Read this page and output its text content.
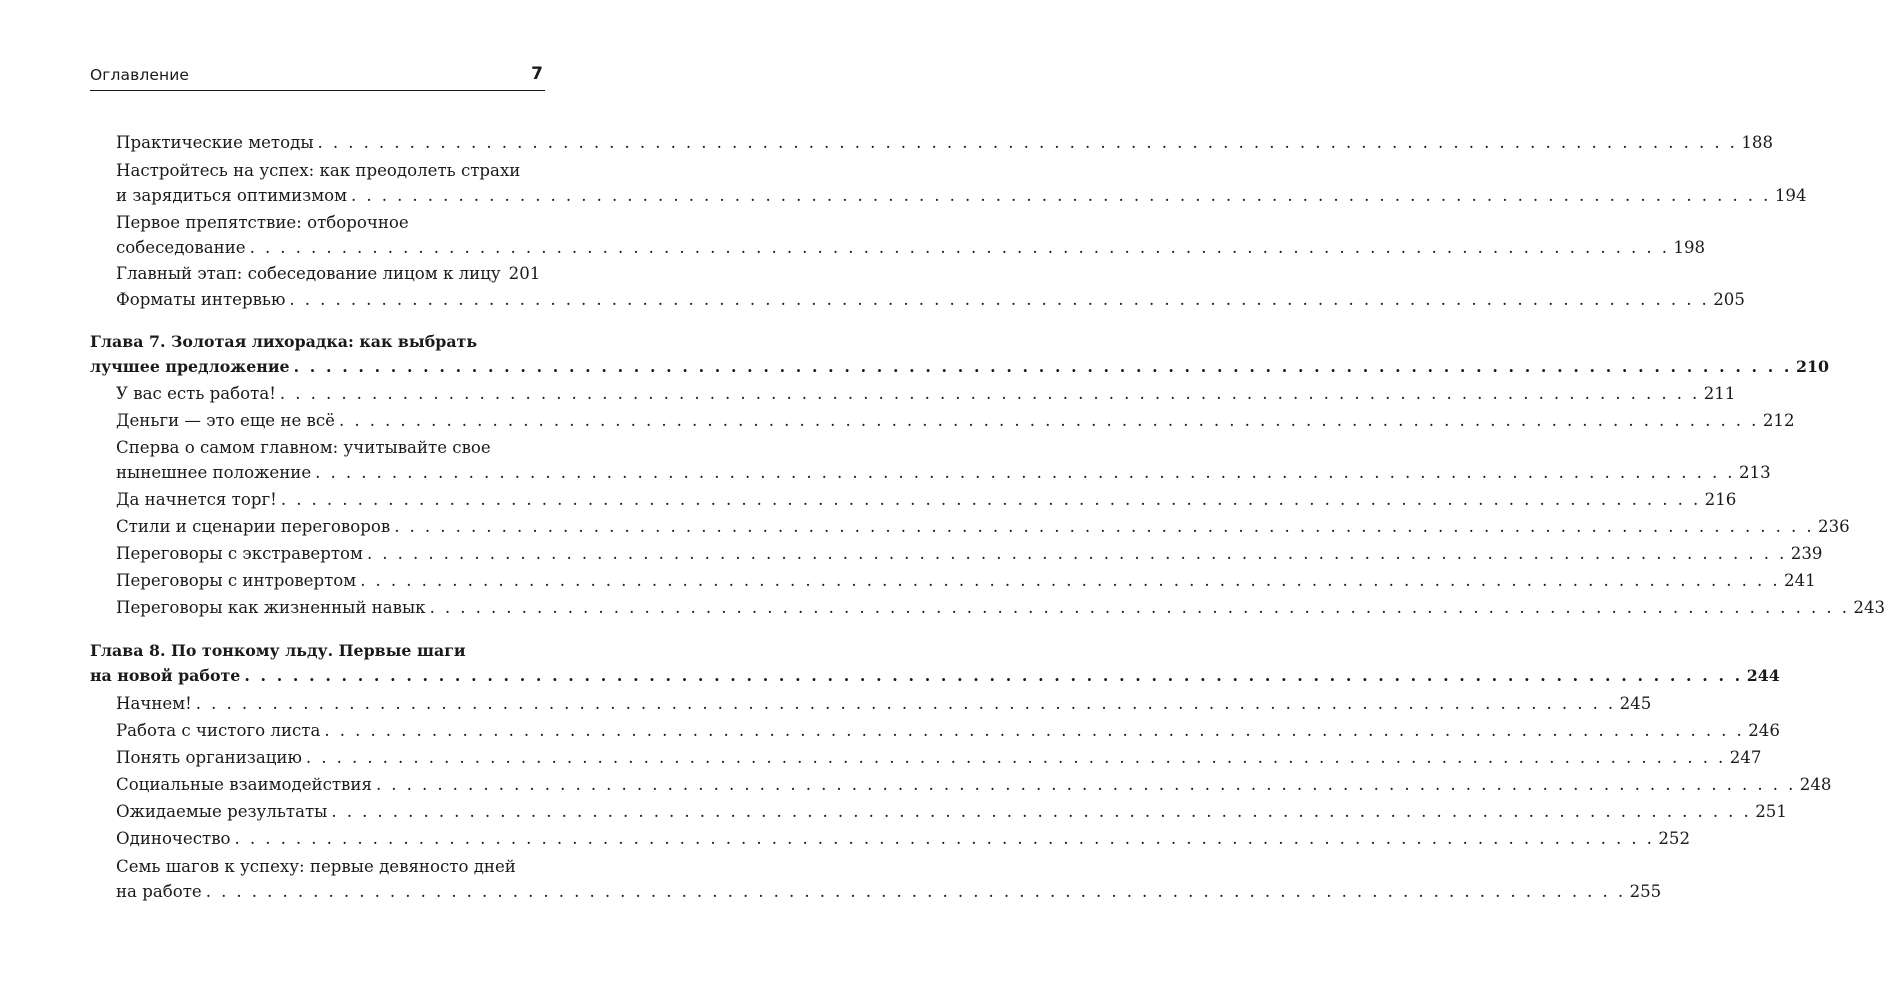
Оглавление	7
Практические методы . . . . . . . . . . . . . . . . . . . . . . . . . . . . . . . . . . . . . . . . . . . . . . . . . . . . . . . . . . . . . . . . . . . . . . . . . . . . . . . . . . . . . . . . . . . . . 188
Настройтесь на успех: как преодолеть страхи
и зарядиться оптимизмом . . . . . . . . . . . . . . . . . . . . . . . . . . . . . . . . . . . . . . . . . . . . . . . . . . . . . . . . . . . . . . . . . . . . . . . . . . . . . . . . . . . . . . . . . . . . . 194
Первое препятствие: отборочное
собеседование . . . . . . . . . . . . . . . . . . . . . . . . . . . . . . . . . . . . . . . . . . . . . . . . . . . . . . . . . . . . . . . . . . . . . . . . . . . . . . . . . . . . . . . . . . . . . 198
Главный этап: собеседование лицом к лицу 201
Форматы интервью . . . . . . . . . . . . . . . . . . . . . . . . . . . . . . . . . . . . . . . . . . . . . . . . . . . . . . . . . . . . . . . . . . . . . . . . . . . . . . . . . . . . . . . . . . . . . 205
Глава 7. Золотая лихорадка: как выбрать
лучшее предложение . . . . . . . . . . . . . . . . . . . . . . . . . . . . . . . . . . . . . . . . . . . . . . . . . . . . . . . . . . . . . . . . . . . . . . . . . . . . . . . . . . . . . . . . . . . . . 210
У вас есть работа! . . . . . . . . . . . . . . . . . . . . . . . . . . . . . . . . . . . . . . . . . . . . . . . . . . . . . . . . . . . . . . . . . . . . . . . . . . . . . . . . . . . . . . . . . . . . . 211
Деньги — это еще не всё . . . . . . . . . . . . . . . . . . . . . . . . . . . . . . . . . . . . . . . . . . . . . . . . . . . . . . . . . . . . . . . . . . . . . . . . . . . . . . . . . . . . . . . . . . . . . 212
Сперва о самом главном: учитывайте свое
нынешнее положение . . . . . . . . . . . . . . . . . . . . . . . . . . . . . . . . . . . . . . . . . . . . . . . . . . . . . . . . . . . . . . . . . . . . . . . . . . . . . . . . . . . . . . . . . . . . . 213
Да начнется торг! . . . . . . . . . . . . . . . . . . . . . . . . . . . . . . . . . . . . . . . . . . . . . . . . . . . . . . . . . . . . . . . . . . . . . . . . . . . . . . . . . . . . . . . . . . . . . 216
Стили и сценарии переговоров . . . . . . . . . . . . . . . . . . . . . . . . . . . . . . . . . . . . . . . . . . . . . . . . . . . . . . . . . . . . . . . . . . . . . . . . . . . . . . . . . . . . . . . . . . . . . 236
Переговоры с экстравертом . . . . . . . . . . . . . . . . . . . . . . . . . . . . . . . . . . . . . . . . . . . . . . . . . . . . . . . . . . . . . . . . . . . . . . . . . . . . . . . . . . . . . . . . . . . . . 239
Переговоры с интровертом . . . . . . . . . . . . . . . . . . . . . . . . . . . . . . . . . . . . . . . . . . . . . . . . . . . . . . . . . . . . . . . . . . . . . . . . . . . . . . . . . . . . . . . . . . . . . 241
Переговоры как жизненный навык . . . . . . . . . . . . . . . . . . . . . . . . . . . . . . . . . . . . . . . . . . . . . . . . . . . . . . . . . . . . . . . . . . . . . . . . . . . . . . . . . . . . . . . . . . . . . 243
Глава 8. По тонкому льду. Первые шаги
на новой работе . . . . . . . . . . . . . . . . . . . . . . . . . . . . . . . . . . . . . . . . . . . . . . . . . . . . . . . . . . . . . . . . . . . . . . . . . . . . . . . . . . . . . . . . . . . . . 244
Начнем! . . . . . . . . . . . . . . . . . . . . . . . . . . . . . . . . . . . . . . . . . . . . . . . . . . . . . . . . . . . . . . . . . . . . . . . . . . . . . . . . . . . . . . . . . . . . . 245
Работа с чистого листа . . . . . . . . . . . . . . . . . . . . . . . . . . . . . . . . . . . . . . . . . . . . . . . . . . . . . . . . . . . . . . . . . . . . . . . . . . . . . . . . . . . . . . . . . . . . . 246
Понять организацию . . . . . . . . . . . . . . . . . . . . . . . . . . . . . . . . . . . . . . . . . . . . . . . . . . . . . . . . . . . . . . . . . . . . . . . . . . . . . . . . . . . . . . . . . . . . . 247
Социальные взаимодействия . . . . . . . . . . . . . . . . . . . . . . . . . . . . . . . . . . . . . . . . . . . . . . . . . . . . . . . . . . . . . . . . . . . . . . . . . . . . . . . . . . . . . . . . . . . . . 248
Ожидаемые результаты . . . . . . . . . . . . . . . . . . . . . . . . . . . . . . . . . . . . . . . . . . . . . . . . . . . . . . . . . . . . . . . . . . . . . . . . . . . . . . . . . . . . . . . . . . . . . 251
Одиночество . . . . . . . . . . . . . . . . . . . . . . . . . . . . . . . . . . . . . . . . . . . . . . . . . . . . . . . . . . . . . . . . . . . . . . . . . . . . . . . . . . . . . . . . . . . . . 252
Семь шагов к успеху: первые девяносто дней
на работе . . . . . . . . . . . . . . . . . . . . . . . . . . . . . . . . . . . . . . . . . . . . . . . . . . . . . . . . . . . . . . . . . . . . . . . . . . . . . . . . . . . . . . . . . . . . . 255
